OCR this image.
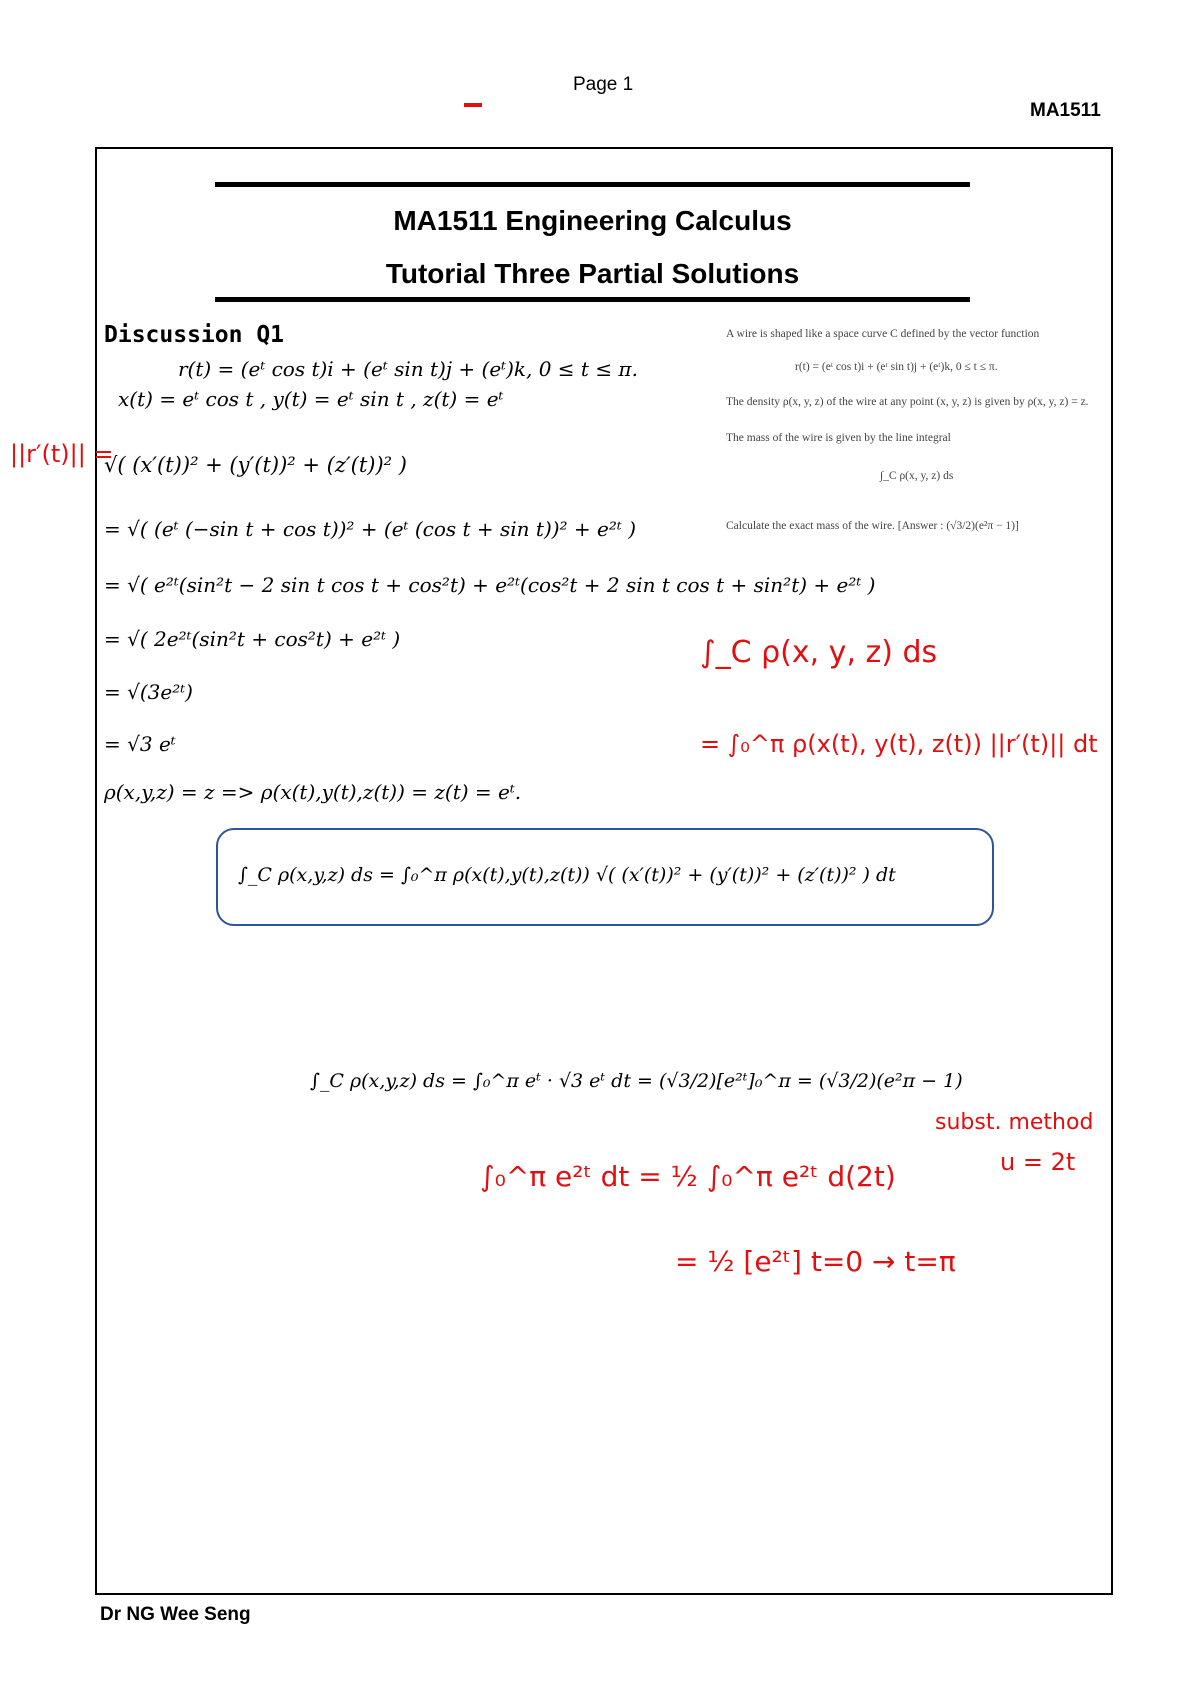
Page 1
MA1511
Dr NG Wee Seng
MA1511 Engineering Calculus
Tutorial Three Partial Solutions
Discussion Q1
r(t) = (eᵗ cos t)i + (eᵗ sin t)j + (eᵗ)k, 0 ≤ t ≤ π.
x(t) = eᵗ cos t , y(t) = eᵗ sin t , z(t) = eᵗ
√( (x′(t))² + (y′(t))² + (z′(t))² )
= √( (eᵗ (−sin t + cos t))² + (eᵗ (cos t + sin t))² + e²ᵗ )
= √( e²ᵗ(sin²t − 2 sin t cos t + cos²t) + e²ᵗ(cos²t + 2 sin t cos t + sin²t) + e²ᵗ )
= √( 2e²ᵗ(sin²t + cos²t) + e²ᵗ )
= √(3e²ᵗ)
= √3 eᵗ
ρ(x,y,z) = z => ρ(x(t),y(t),z(t)) = z(t) = eᵗ.
∫_C ρ(x,y,z) ds = ∫₀^π ρ(x(t),y(t),z(t)) √( (x′(t))² + (y′(t))² + (z′(t))² ) dt
∫_C ρ(x,y,z) ds = ∫₀^π eᵗ · √3 eᵗ dt = (√3/2)[e²ᵗ]₀^π = (√3/2)(e²π − 1)
A wire is shaped like a space curve C defined by the vector function
r(t) = (eᵗ cos t)i + (eᵗ sin t)j + (eᵗ)k, 0 ≤ t ≤ π.
The density ρ(x, y, z) of the wire at any point (x, y, z) is given by ρ(x, y, z) = z.
The mass of the wire is given by the line integral
∫_C ρ(x, y, z) ds
Calculate the exact mass of the wire. [Answer : (√3/2)(e²π − 1)]
||r′(t)|| =
∫_C ρ(x, y, z) ds
= ∫₀^π ρ(x(t), y(t), z(t)) ||r′(t)|| dt
subst. method
u = 2t
∫₀^π e²ᵗ dt = ½ ∫₀^π e²ᵗ d(2t)
= ½ [e²ᵗ] t=0 → t=π
